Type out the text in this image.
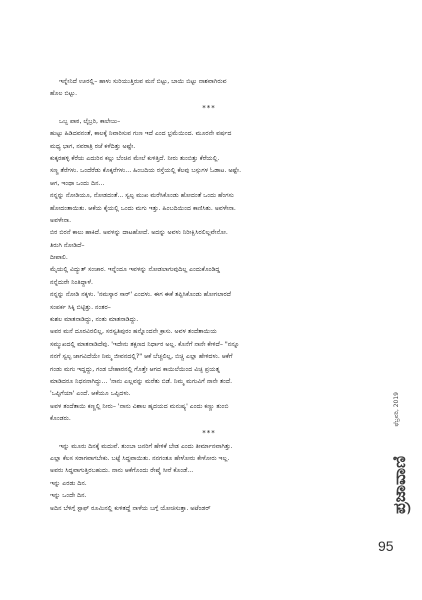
ಇನ್ನೇನಿದೆ ಊರಲ್ಲಿ– ಹಾಳು ಸುರಿಯುತ್ತಿರುವ ಮನೆ ಬಿಟ್ಟು, ಬಾಯಿ ಬಿಟ್ಟು ನಾಶವಾಗಿರುವ
ಹೊಲ ಬಿಟ್ಟು.
***
ಒಬ್ಬ ಪಾಠ, ಲೈಬ್ರರಿ, ಕಾಲೇಜು–
ಹುಟ್ಟು ಹಿಡಿದವನಂತೆ, ಕಾಲಕ್ಕೆ ನಿವಾರಿಸುವ ಗುಣ ಇದೆ ಎಂದ ಭ್ರಮೆಯಿಂದ. ಮೂರನೇ ವರ್ಷದ
ಮಧ್ಯ ಭಾಗ, ನವರಾತ್ರಿ ರಜೆ ಕಳೆದಿತ್ತು ಅಷ್ಟೇ.
ಕುಕ್ಕರಹಳ್ಳಿ ಕೆರೆಯ ಎದುರಿನ ಕಲ್ಲು ಬೆಂಚಿನ ಮೇಲೆ ಕುಳಿತ್ತಿದೆ. ನೀರು ತುಂಬಿತ್ತು ಕೆರೆಯಲ್ಲಿ.
ಸಣ್ಣ ತೆರೆಗಳು. ಒಂದೆರೆಡು ಕೊಕ್ಕರೆಗಳು... ಹಿಂಬದಿಯ ರಸ್ತೆಯಲ್ಲಿ ಕೆಲವು ಬಸ್ಸುಗಳ ಓಡಾಟ. ಅಷ್ಟೇ.
ಆಗ, ಇಂಥಾ ಒಂದು ದಿನ...
ನನ್ನನ್ನು ನೋಡಿಯೂ, ನೋಡದಂತೆ... ಸ್ವಲ್ಪ ಮುಖ ಮರೆಸಿಕೊಂಡು ಹೋದಂತೆ ಒಂದು ಹೆಂಗಸು
ಹೋದಂತಾಯಿತು. ಆಕೆಯ ಕೈಯಲ್ಲಿ ಒಂದು ಮಗು ಇತ್ತು. ಹಿಂಬದಿಯಿಂದ ಕಾಣಿಸಿತು. ಅವಳೇನಾ.
ಅವಳೇನಾ.
ಬಿರ ಬಿರನೆ ಕಾಲು ಹಾಕಿದೆ. ಅವಳನ್ನು ದಾಟಹೋದೆ. ಅದನ್ನು ಅವಳು ನಿರೀಕ್ಷಿಸಿರಲಿಲ್ಲವೇನೋ.
ತಿರುಗಿ ನೋಡಿದೆ–
ದೀಪಾಲಿ.
ಮೈಯಲ್ಲಿ ವಿದ್ಯುತ್ ಸಂಚಾರ. ಇನ್ನೆಂದೂ ಇವಳನ್ನು ನೋಡಲಾಗುವುದಿಲ್ಲ ಎಂದುಕೊಂಡಿದ್ದ
ನನ್ನೆದುರೇ ನಿಂತಿದ್ದಾಳೆ.
ನನ್ನನ್ನು ನೋಡಿ ನಕ್ಕಳು. 'ನಮಸ್ಕಾರ ಸಾರ್' ಎಂದಳು. ಈಗ ಈಕೆ ತಪ್ಪಿಸಿಕೊಂಡು ಹೋಗಲಾರದೆ
ಸಂಪರ್ಕ ಸಿಕ್ಕಿ ಬಿಟ್ಟಿತ್ತು. ನಂತರ–
ಕುಶಲ ಮಾತನಾಡಿದ್ದು, ನಂತು ಮಾತನಾಡಿದ್ದು.
ಅವರ ಮನೆ ದೂರವಿರಲಿಲ್ಲ, ಸರಸ್ವತಿಪುರಂ ಹನ್ನೊಂದನೇ ಕ್ರಾಸು. ಅವಳ ತಂದೆತಾಯಿಯ
ಸಮ್ಮುಖದಲ್ಲಿ ಮಾತನಾಡಿದೆವು. 'ಇದೇನು ತಕ್ಷಣದ ನಿರ್ಧಾರ ಅಲ್ಲ. ಕೊನೆಗೆ ನಾನೇ ಕೇಳಿದೆ– "ನನ್ನೂ
ನನಗೆ ಸ್ವಲ್ಪ ಜಾಗವಿದೆಯೇ ನಿಮ್ಮ ಜೀವನದಲ್ಲಿ?" ಆಕೆ ಬೆಚ್ಚಲಿಲ್ಲ, ಬಿಚ್ಚಿ ಎಲ್ಲಾ ಹೇಳಿದಳು. ಆಕೆಗೆ
ಗಂಡು ಮಗು ಇದ್ದದ್ದು, ಗಂಡ ಬೇಹಾರನಲ್ಲಿ ಗೊತ್ತೇ ಆಗದ ಕಾಯಿಲೆಯಿಂದ ವಿಚ್ಛ ಪ್ರಯತ್ನ
ಮಾಡಿದರೂ ನಿಧನನಾಗಿದ್ದು... 'ನಾನು ಎಲ್ಲವನ್ನು ಮರೆತು ಬಿಡೆ. ನಿಮ್ಮ ಮಗುವಿಗೆ ನಾನೇ ತಂದೆ.
'ಒಪ್ಪಿಗೆಯಾ' ಎಂದೆ. ಆಕೆಯೂ ಒಪ್ಪಿದಳು.
ಅವಳ ತಂದೆತಾಯಿ ಕಣ್ಣಲ್ಲಿ ನೀರು– 'ನಾನು ವಿಶಾಲ ಹೃದಯದ ಮನುಷ್ಯ' ಎಂದು ಕಣ್ಣು ತುಂಬಿ
ಕೊಂಡರು.
***
ಇನ್ನು ಮೂರು ದಿನಕ್ಕೆ ಮದುವೆ. ತುಂಬಾ ಜನರಿಗೆ ಹೇಳಿಕೆ ಬೇಡ ಎಂದು ತೀರ್ಮಾನವಾಗಿತ್ತು.
ಎಲ್ಲಾ ಕೆಲಸ ಸರಾಗವಾಗಬೇಕು. ಬಟ್ಟೆ ಸಿದ್ಧವಾಯಿತು. ನನಗಂತೂ ಹೇಳೋರು ಕೇಳೋರು ಇಲ್ಲ.
ಅವರು ಸಿದ್ಧವಾಗುತ್ತಿರಬಹುದು. ನಾನು ಆಕೆಗೊಂದು ರೇಷ್ಮೆ ಸೀರೆ ಕೊಂಡೆ...
ಇನ್ನು ಎರಡು ದಿನ.
ಇನ್ನು ಒಂದೇ ದಿನ.
ಅದಿನ ಬೆಳಿಗ್ಗೆ ಸ್ಟಾಫ್ ರೂಮಿನಲ್ಲಿ ಕುಳಿತದ್ದೆ ನಾಳೆಯ ಬಗ್ಗೆ ಯೋಚಿಸುತ್ತಾ. ಅಟೆಂಡರ್
ಫೆಬ್ರವರಿ, 2019
ಪ್ರಜಾವಾಣಿ
95
